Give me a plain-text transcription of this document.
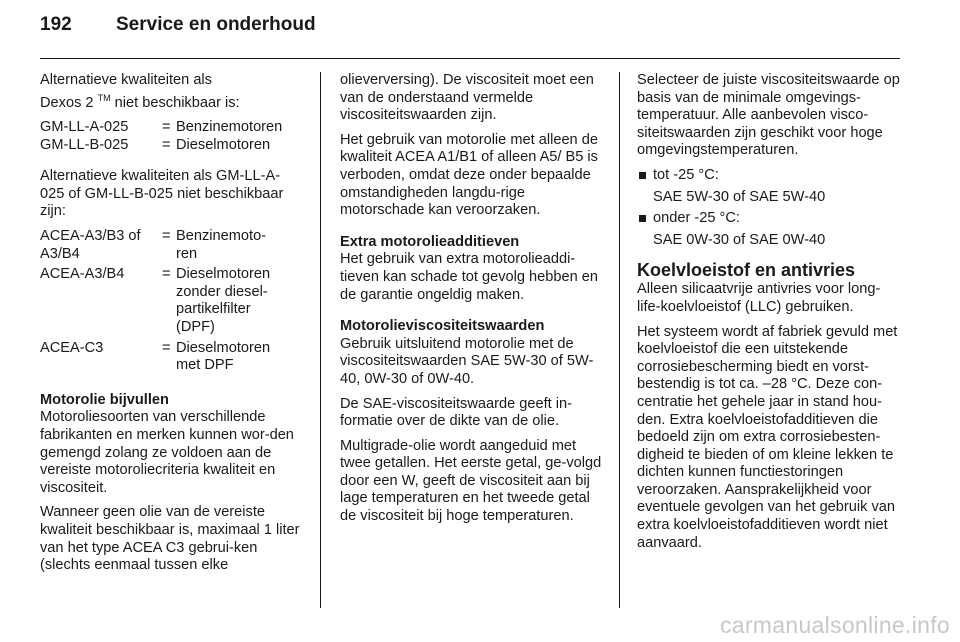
192	Service en onderhoud

Alternatieve kwaliteiten als
Dexos 2 ™ niet beschikbaar is:

GM-LL-A-025	= Benzinemotoren
GM-LL-B-025	= Dieselmotoren

Alternatieve kwaliteiten als GM-LL-A-025 of GM-LL-B-025 niet beschikbaar zijn:

ACEA-A3/B3 of A3/B4
= Benzinemoto-ren
ACEA-A3/B4	= Dieselmotoren zonder diesel-partikelfilter (DPF)
ACEA-C3	= Dieselmotoren met DPF
Motorolie bijvullen

Motoroliesoorten van verschillende fabrikanten en merken kunnen wor-den gemengd zolang ze voldoen aan de vereiste motoroliecriteria kwaliteit en viscositeit.

Wanneer geen olie van de vereiste kwaliteit beschikbaar is, maximaal 1 liter van het type ACEA C3 gebrui-ken (slechts eenmaal tussen elke

olieverversing). De viscositeit moet een van de onderstaand vermelde viscositeitswaarden zijn.

Het gebruik van motorolie met alleen de kwaliteit ACEA A1/B1 of alleen A5/ B5 is verboden, omdat deze onder bepaalde omstandigheden langdu-rige motorschade kan veroorzaken.

Extra motorolieadditieven

Het gebruik van extra motorolieaddi-tieven kan schade tot gevolg hebben en de garantie ongeldig maken.

Motorolieviscositeitswaarden

Gebruik uitsluitend motorolie met de viscositeitswaarden SAE 5W-30 of 5W-40, 0W-30 of 0W-40.

De SAE-viscositeitswaarde geeft in-formatie over de dikte van de olie.

Multigrade-olie wordt aangeduid met twee getallen. Het eerste getal, ge-volgd door een W, geeft de viscositeit aan bij lage temperaturen en het tweede getal de viscositeit bij hoge temperaturen.

Selecteer de juiste viscositeitswaarde op basis van de minimale omgevings-temperatuur. Alle aanbevolen visco-siteitswaarden zijn geschikt voor hoge omgevingstemperaturen.

tot -25 °C:
SAE 5W-30 of SAE 5W-40
onder -25 °C:
SAE 0W-30 of SAE 0W-40
Koelvloeistof en antivries

Alleen silicaatvrije antivries voor long-life-koelvloeistof (LLC) gebruiken.

Het systeem wordt af fabriek gevuld met koelvloeistof die een uitstekende corrosiebescherming biedt en vorst-bestendig is tot ca. –28 °C. Deze con-centratie het gehele jaar in stand hou-den. Extra koelvloeistofadditieven die bedoeld zijn om extra corrosiebesten-digheid te bieden of om kleine lekken te dichten kunnen functiestoringen veroorzaken. Aansprakelijkheid voor eventuele gevolgen van het gebruik van extra koelvloeistofadditieven wordt niet aanvaard.

carmanualsonline.info
